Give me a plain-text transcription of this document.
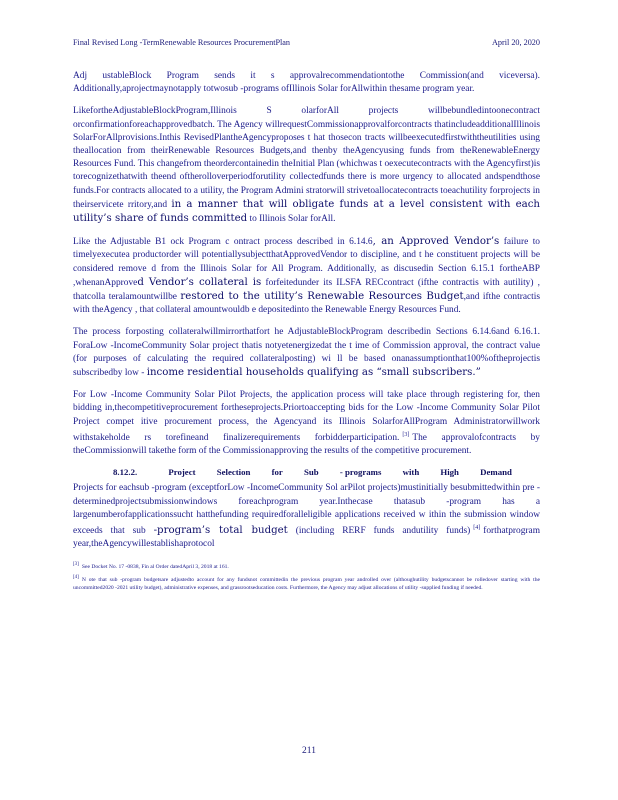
Final Revised Long -TermRenewable Resources ProcurementPlan	April 20, 2020

Adj ustableBlock Program sends it s approvalrecommendationtothe Commission(and viceversa). Additionally,aprojectmaynotapply totwosub -programs ofIllinois Solar forAllwithin thesame program year.

LikefortheAdjustableBlockProgram,Illinois S olarforAll projects willbebundledintoonecontract orconfirmationforeachapprovedbatch. The Agency willrequestCommissionapprovalforcontracts thatincludeadditionalIllinois SolarForAllprovisions.Inthis RevisedPlantheAgencyproposes t hat thosecon tracts willbeexecutedfirstwiththeutilities using theallocation from theirRenewable Resources Budgets,and thenby theAgencyusing funds from theRenewableEnergy Resources Fund. This changefrom theordercontainedin theInitial Plan (whichwas t oexecutecontracts with the Agencyfirst)is torecognizethatwith theend oftherolloverperiodforutility collectedfunds there is more urgency to allocated andspendthose funds.For contracts allocated to a utility, the Program Admini stratorwill strivetoallocatecontracts toeachutility forprojects in theirservicete rritory,and in a manner that will obligate funds at a level consistent with each utility’s share of funds committed to Illinois Solar forAll.

Like the Adjustable B1 ock Program c ontract process described in 6.14.6, an Approved Vendor’s failure to timelyexecutea productorder will potentiallysubjectthatApprovedVendor to discipline, and t he constituent projects will be considered remove d from the Illinois Solar for All Program. Additionally, as discusedin Section 6.15.1 fortheABP ,whenanApproved Vendor’s collateral is forfeitedunder its ILSFA RECcontract (ifthe contractis with autility) , thatcolla teralamountwillbe restored to the utility’s Renewable Resources Budget,and ifthe contractis with theAgency , that collateral amountwouldb e depositedinto the Renewable Energy Resources Fund.

The process forposting collateralwillmirrorthatfort he AdjustableBlockProgram describedin Sections 6.14.6and 6.16.1. ForaLow -IncomeCommunity Solar project thatis notyetenergizedat the t ime of Commission approval, the contract value (for purposes of calculating the required collateralposting) wi ll be based onanassumptionthat100%oftheprojectis subscribedby low - income residential households qualifying as “small subscribers.”

For Low -Income Community Solar Pilot Projects, the application process will take place through registering for, then bidding in,thecompetitiveprocurement fortheseprojects.Priortoaccepting bids for the Low -Income Community Solar Pilot Project compet itive procurement process, the Agencyand its Illinois SolarforAllProgram Administratorwillwork withstakeholde rs torefineand finalizerequirements forbidderparticipation. [3] The approvalofcontracts by theCommissionwill takethe form of the Commissionapproving the results of the competitive procurement.

8.12.2.	Project Selection for Sub - programs with High Demand

Projects for eachsub -program (exceptforLow -IncomeCommunity Sol arPilot projects)mustinitially besubmittedwithin pre -determinedprojectsubmissionwindows foreachprogram year.Inthecase thatasub -program has a largenumberofapplicationssucht hatthefunding requiredforalleligible applications received w ithin the submission window exceeds that sub -program’s total budget (including RERF funds andutility funds) [4] forthatprogram year,theAgencywillestablishaprotocol

[3] See Docket No. 17 -0838, Fin al Order datedApril 3, 2018 at 161.

[4] N ote that sub -program budgetsare adjustedto account for any fundsnot committedin the previous program year androlled over (althoughutility budgetscannot be rolledover starting with the uncommitted2020 -2021 utility budget), administrative expenses, and grassrootseducation costs. Furthermore, the Agency may adjust allocations of utility -supplied funding if needed.

211
